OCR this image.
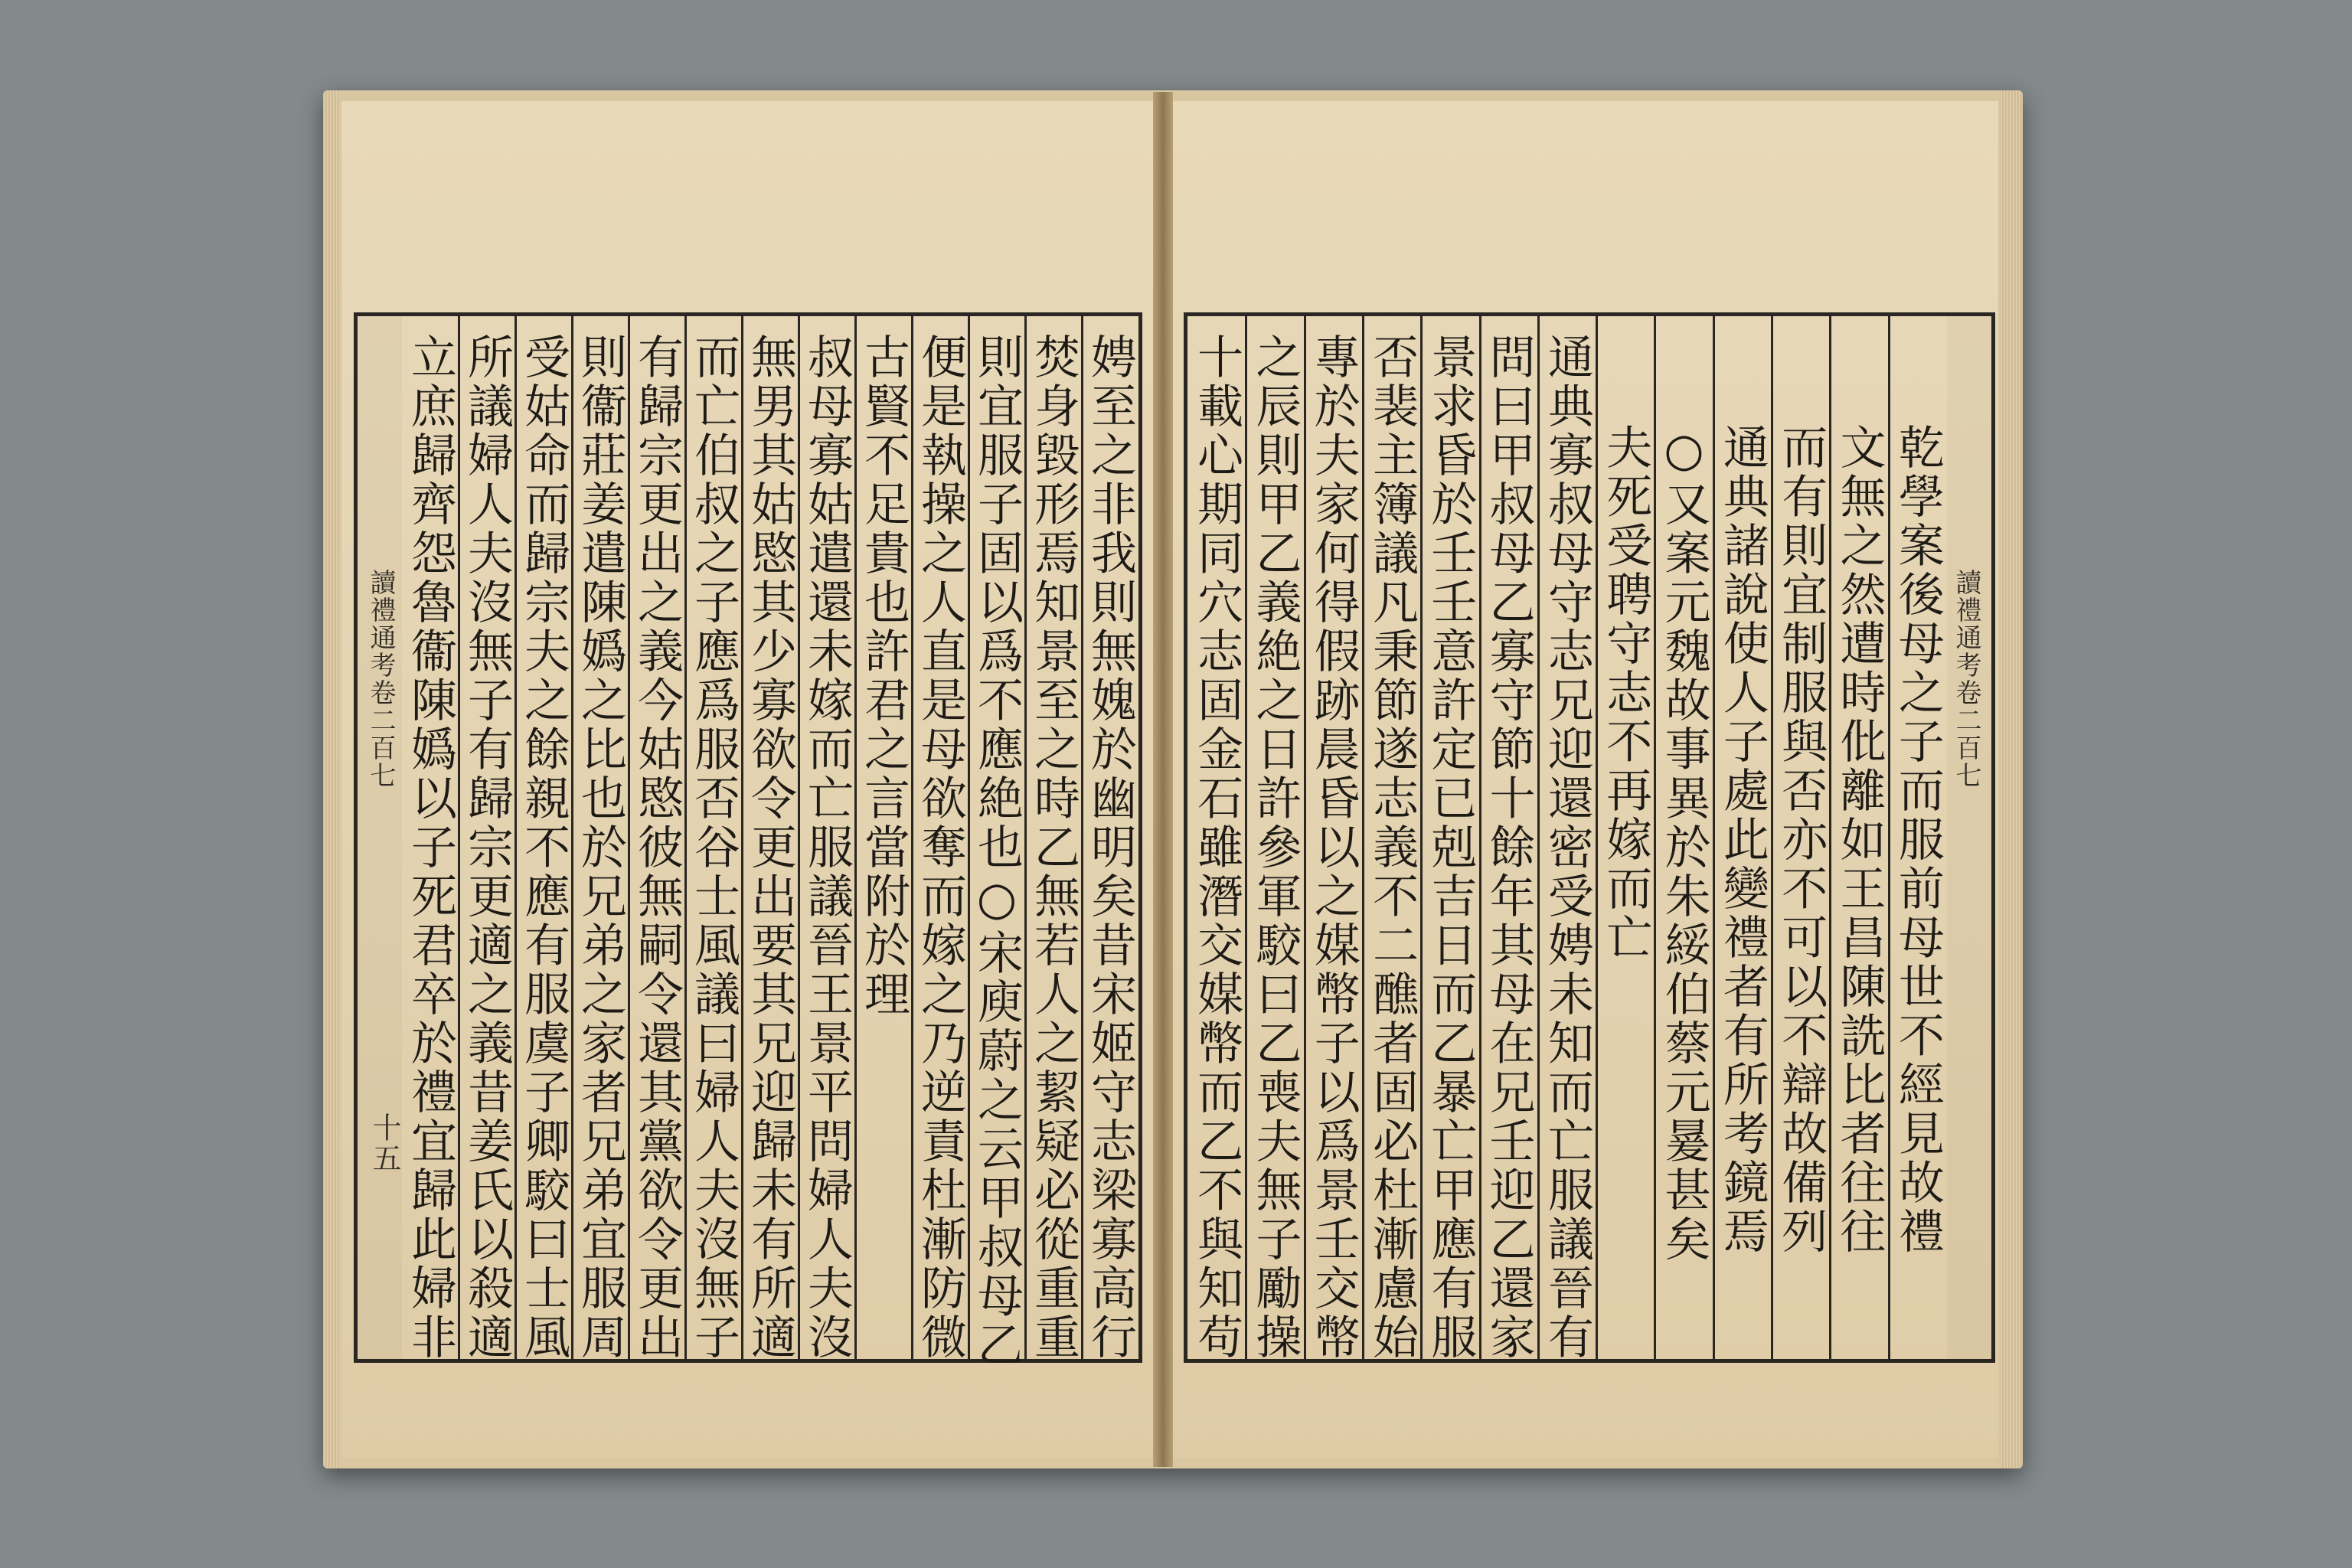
讀禮通考卷二百七
十五	娉至之非我則無媿於幽明矣昔宋姬守志梁寡高行
焚身毀形焉知景至之時乙無若人之絜疑必從重重
則宜服子固以爲不應絶也○宋庾蔚之云甲叔母乙
便是執操之人直是母欲奪而嫁之乃逆責杜漸防微
古賢不足貴也許君之言當附於理
叔母寡姑遣還未嫁而亡服議晉王景平問婦人夫沒
無男其姑愍其少寡欲令更出要其兄迎歸未有所適
而亡伯叔之子應爲服否谷士風議曰婦人夫沒無子
有歸宗更出之義今姑愍彼無嗣令還其黨欲令更出
則衞莊姜遣陳嬀之比也於兄弟之家者兄弟宜服周
受姑命而歸宗夫之餘親不應有服虞子卿駮曰士風
所議婦人夫沒無子有歸宗更適之義昔姜氏以殺適
立庶歸齊怨魯衞陳嬀以子死君卒於禮宜歸此婦非	讀禮通考卷二百七
乾學案後母之子而服前母世不經見故禮
文無之然遭時仳離如王昌陳詵比者往往
而有則宜制服與否亦不可以不辯故備列
通典諸說使人子處此變禮者有所考鏡焉
○又案元魏故事異於朱綏伯蔡元㬊甚矣
夫死受聘守志不再嫁而亡
通典寡叔母守志兄迎還密受娉未知而亡服議晉有
問曰甲叔母乙寡守節十餘年其母在兄壬迎乙還家
景求昏於壬壬意許定已剋吉日而乙暴亡甲應有服
否裴主簿議凡秉節遂志義不二醮者固必杜漸慮始
專於夫家何得假跡晨昏以之媒幣子以爲景壬交幣
之辰則甲乙義絶之日許參軍駮曰乙喪夫無子勵操
十載心期同穴志固金石雖潛交媒幣而乙不與知苟
